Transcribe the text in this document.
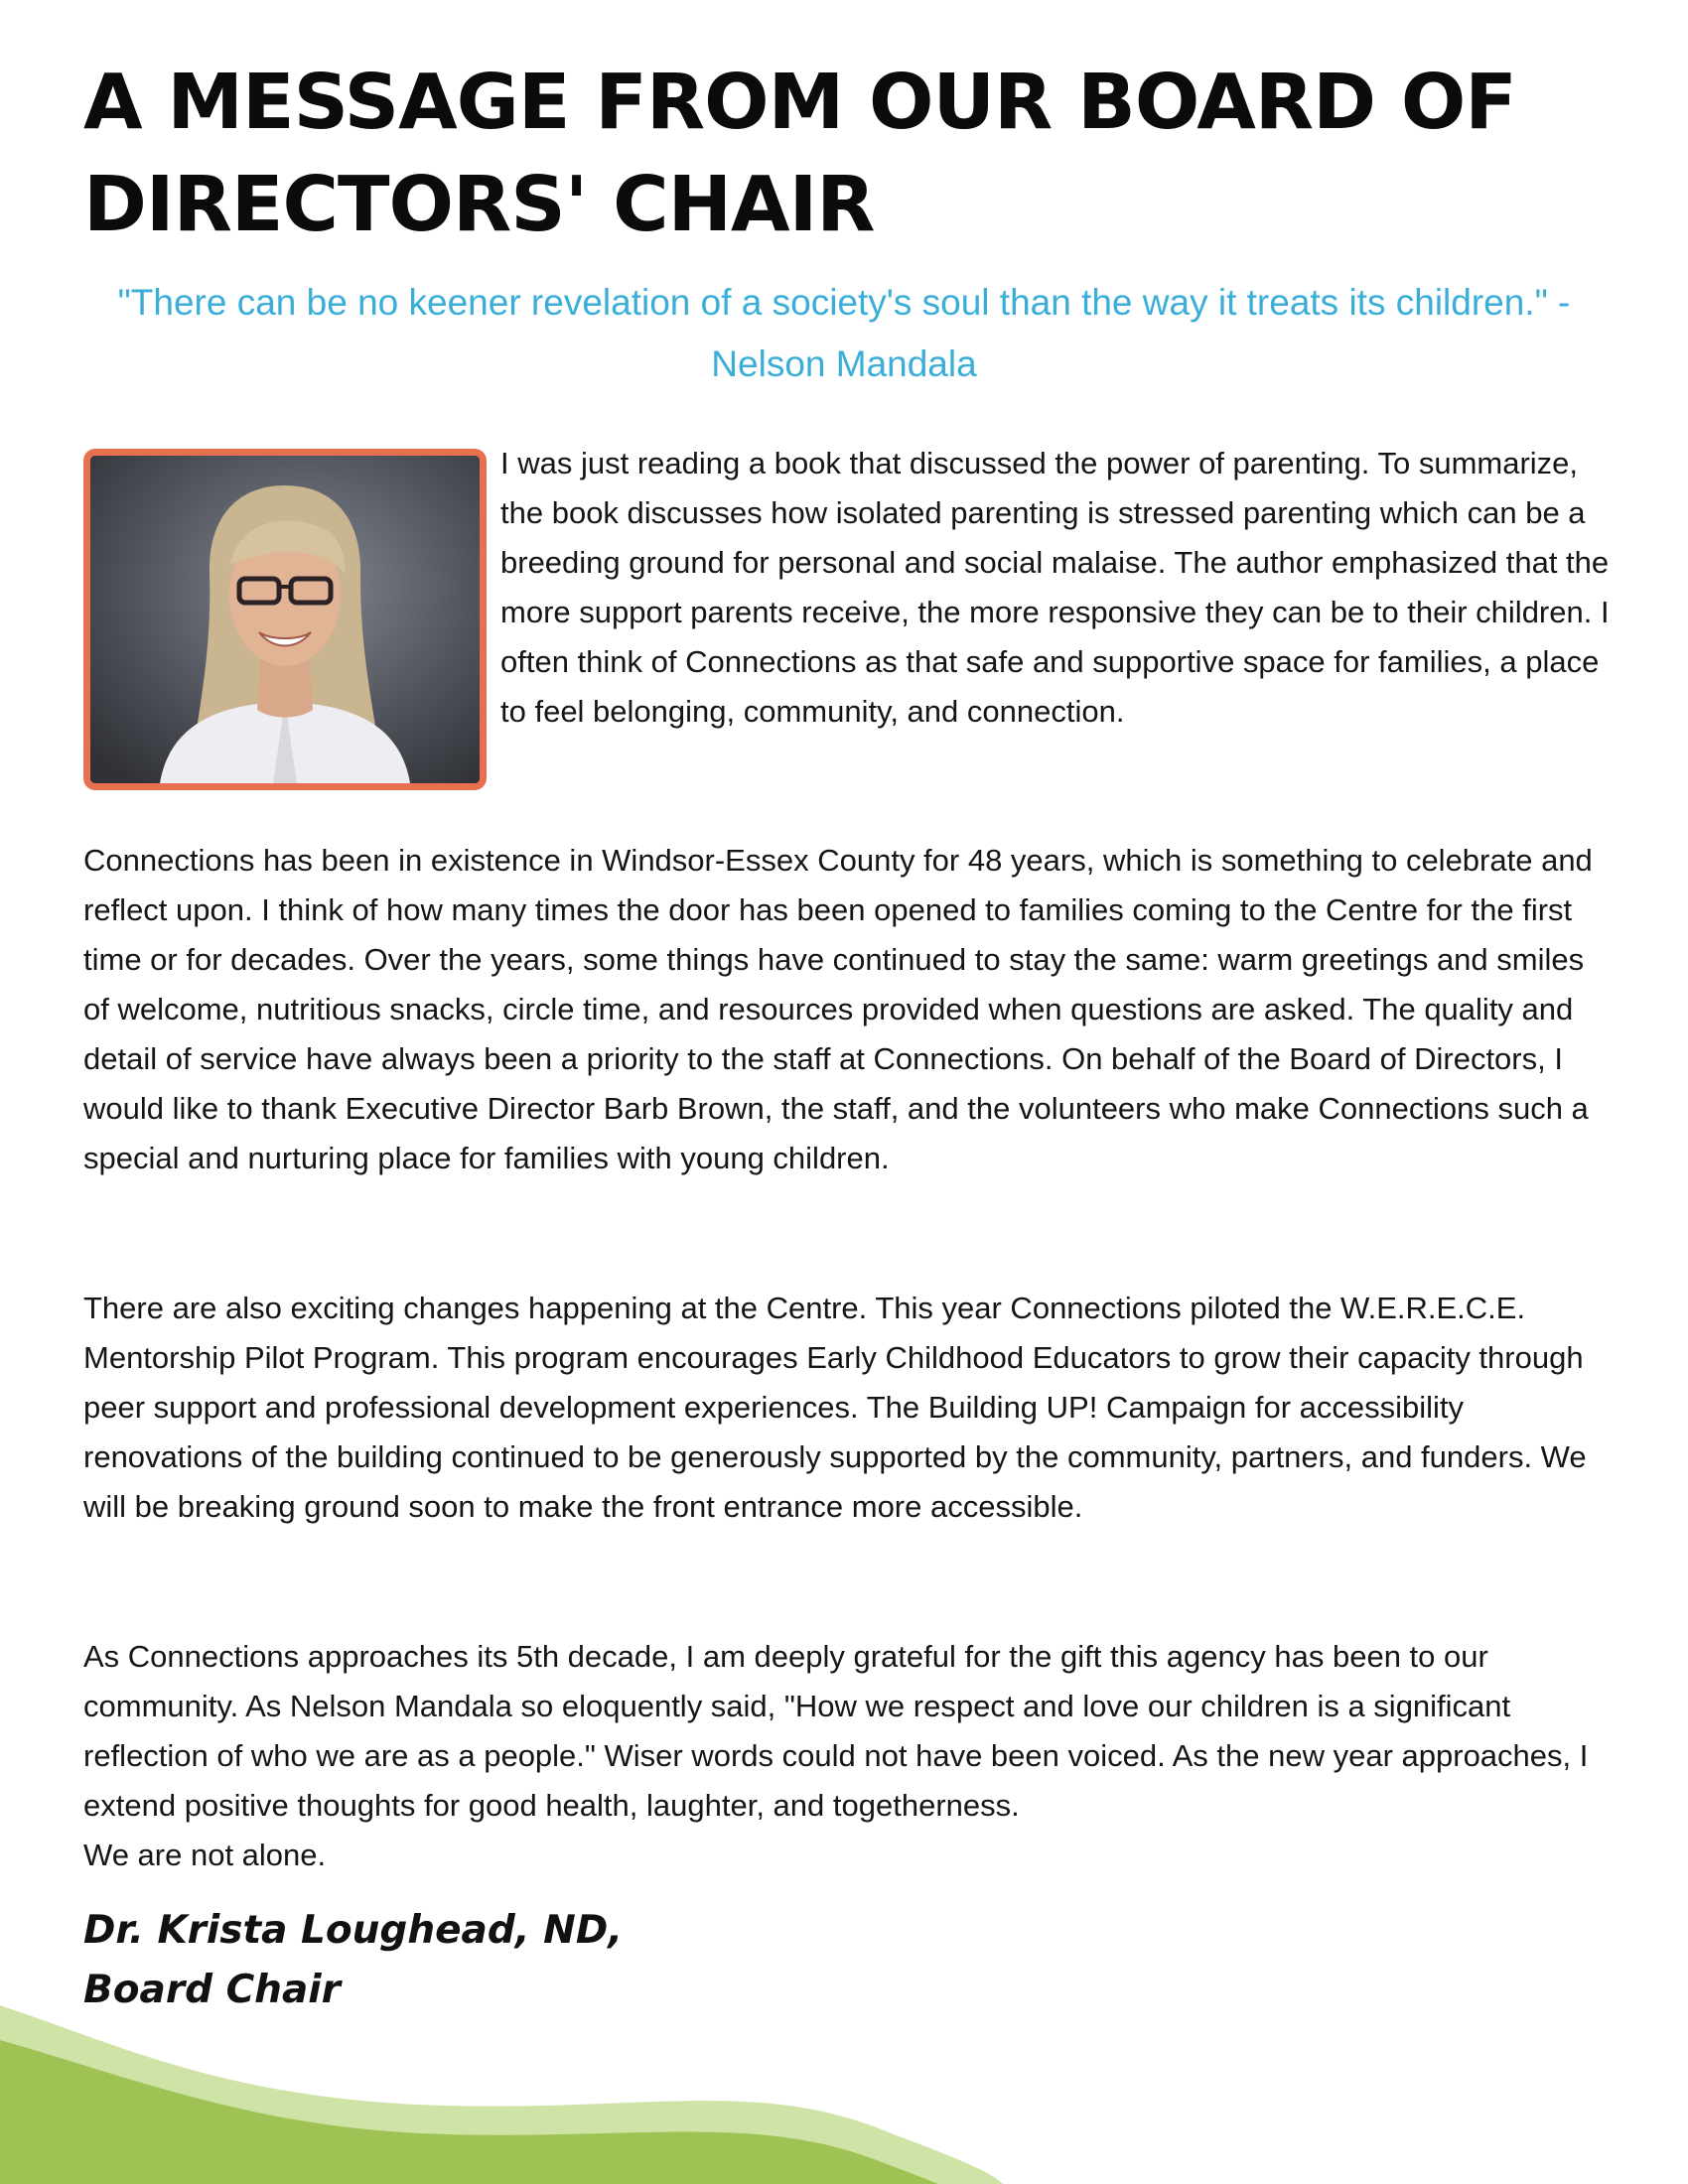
A MESSAGE FROM OUR BOARD OF DIRECTORS' CHAIR
"There can be no keener revelation of a society's soul than the way it treats its children." - Nelson Mandala

I was just reading a book that discussed the power of parenting. To summarize, the book discusses how isolated parenting is stressed parenting which can be a breeding ground for personal and social malaise. The author emphasized that the more support parents receive, the more responsive they can be to their children. I often think of Connections as that safe and supportive space for families, a place to feel belonging, community, and connection.

Connections has been in existence in Windsor-Essex County for 48 years, which is something to celebrate and reflect upon. I think of how many times the door has been opened to families coming to the Centre for the first time or for decades. Over the years, some things have continued to stay the same: warm greetings and smiles of welcome, nutritious snacks, circle time, and resources provided when questions are asked. The quality and detail of service have always been a priority to the staff at Connections. On behalf of the Board of Directors, I would like to thank Executive Director Barb Brown, the staff, and the volunteers who make Connections such a special and nurturing place for families with young children.

There are also exciting changes happening at the Centre. This year Connections piloted the W.E.R.E.C.E. Mentorship Pilot Program. This program encourages Early Childhood Educators to grow their capacity through peer support and professional development experiences. The Building UP! Campaign for accessibility renovations of the building continued to be generously supported by the community, partners, and funders. We will be breaking ground soon to make the front entrance more accessible.

As Connections approaches its 5th decade, I am deeply grateful for the gift this agency has been to our community. As Nelson Mandala so eloquently said, "How we respect and love our children is a significant reflection of who we are as a people." Wiser words could not have been voiced. As the new year approaches, I extend positive thoughts for good health, laughter, and togetherness.
We are not alone.

Dr. Krista Loughead, ND,
Board Chair
